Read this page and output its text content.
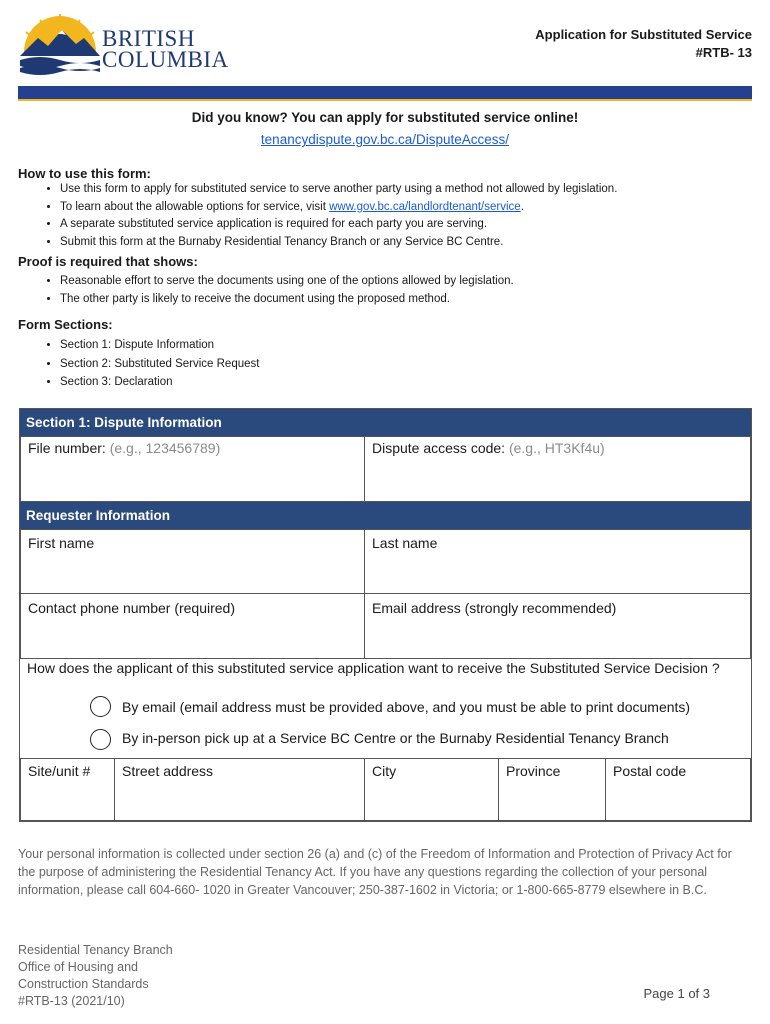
BRITISH
COLUMBIA
Application for Substituted Service
#RTB- 13
Did you know? You can apply for substituted service online!
tenancydispute.gov.bc.ca/DisputeAccess/
How to use this form:
• Use this form to apply for substituted service to serve another party using a method not allowed by legislation.
• To learn about the allowable options for service, visit www.gov.bc.ca/landlordtenant/service.
• A separate substituted service application is required for each party you are serving.
• Submit this form at the Burnaby Residential Tenancy Branch or any Service BC Centre.
Proof is required that shows:
• Reasonable effort to serve the documents using one of the options allowed by legislation.
• The other party is likely to receive the document using the proposed method.
Form Sections:
• Section 1: Dispute Information
• Section 2: Substituted Service Request
• Section 3: Declaration
Section 1: Dispute Information
File number: (e.g., 123456789)	Dispute access code: (e.g., HT3Kf4u)
Requester Information
First name	Last name
Contact phone number (required)	Email address (strongly recommended)
How does the applicant of this substituted service application want to receive the Substituted Service Decision ?
By email (email address must be provided above, and you must be able to print documents)
By in-person pick up at a Service BC Centre or the Burnaby Residential Tenancy Branch
Site/unit #	Street address	City	Province	Postal code
Your personal information is collected under section 26 (a) and (c) of the Freedom of Information and Protection of Privacy Act for the purpose of administering the Residential Tenancy Act. If you have any questions regarding the collection of your personal information, please call 604-660- 1020 in Greater Vancouver; 250-387-1602 in Victoria; or 1-800-665-8779 elsewhere in B.C.
Residential Tenancy Branch
Office of Housing and
Construction Standards
#RTB-13 (2021/10)	Page 1 of 3
